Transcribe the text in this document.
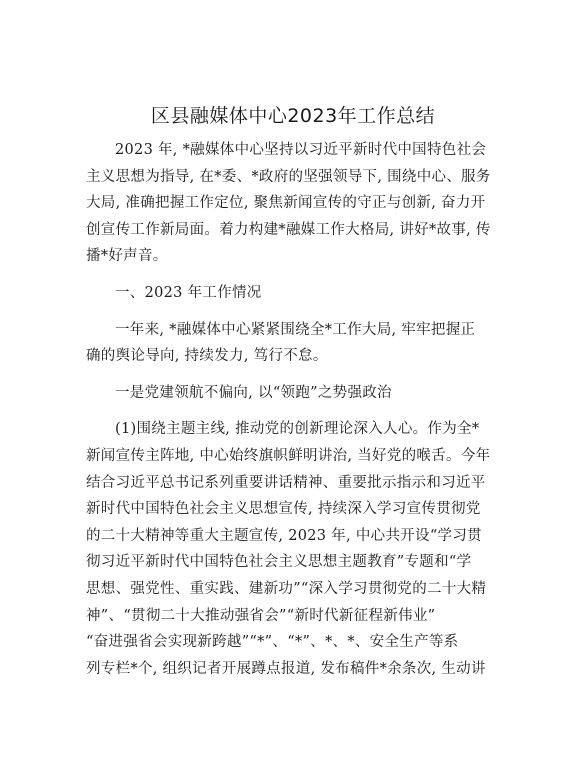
区县融媒体中心2023年工作总结

2023 年, *融媒体中心坚持以习近平新时代中国特色社会
主义思想为指导, 在*委、*政府的坚强领导下, 围绕中心、服务
大局, 准确把握工作定位, 聚焦新闻宣传的守正与创新, 奋力开
创宣传工作新局面。着力构建*融媒工作大格局, 讲好*故事, 传
播*好声音。

一、2023 年工作情况

一年来, *融媒体中心紧紧围绕全*工作大局, 牢牢把握正
确的舆论导向, 持续发力, 笃行不怠。

一是党建领航不偏向, 以“领跑”之势强政治

(1)围绕主题主线, 推动党的创新理论深入人心。作为全*
新闻宣传主阵地, 中心始终旗帜鲜明讲治, 当好党的喉舌。今年
结合习近平总书记系列重要讲话精神、重要批示指示和习近平
新时代中国特色社会主义思想宣传, 持续深入学习宣传贯彻党
的二十大精神等重大主题宣传, 2023 年, 中心共开设“学习贯
彻习近平新时代中国特色社会主义思想主题教育”专题和“学
思想、强党性、重实践、建新功”“深入学习贯彻党的二十大精
神”、“贯彻二十大推动强省会”“新时代新征程新伟业”
“奋进强省会实现新跨越”“*”、“*”、*、*、安全生产等系
列专栏*个, 组织记者开展蹲点报道, 发布稿件*余条次, 生动讲
